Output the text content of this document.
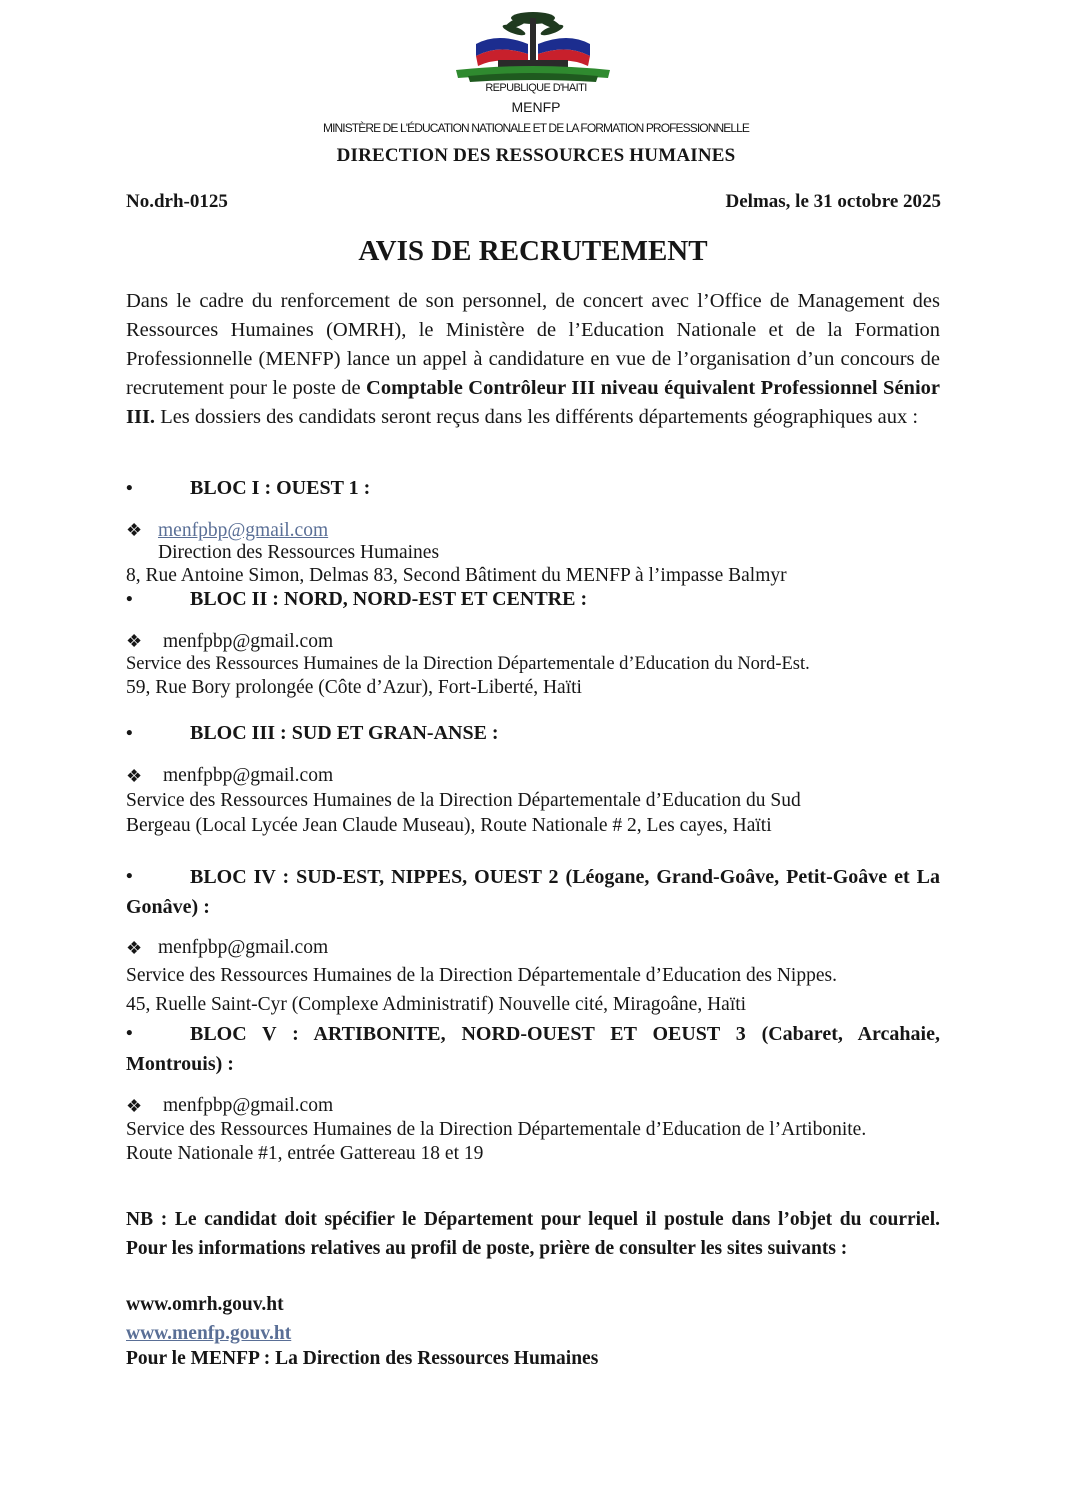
REPUBLIQUE D'HAITI
MENFP
MINISTÈRE DE L'ÉDUCATION NATIONALE ET DE LA FORMATION PROFESSIONNELLE
DIRECTION DES RESSOURCES HUMAINES
No.drh-0125	Delmas, le 31 octobre 2025
AVIS DE RECRUTEMENT

Dans le cadre du renforcement de son personnel, de concert avec l’Office de Management des Ressources Humaines (OMRH), le Ministère de l’Education Nationale et de la Formation Professionnelle (MENFP) lance un appel à candidature en vue de l’organisation d’un concours de recrutement pour le poste de Comptable Contrôleur III niveau équivalent Professionnel Sénior III. Les dossiers des candidats seront reçus dans les différents départements géographiques aux :

•	BLOC I : OUEST 1 :
❖ menfpbp@gmail.com
Direction des Ressources Humaines
8, Rue Antoine Simon, Delmas 83, Second Bâtiment du MENFP à l’impasse Balmyr
•	BLOC II : NORD, NORD-EST ET CENTRE :
❖ menfpbp@gmail.com
Service des Ressources Humaines de la Direction Départementale d’Education du Nord-Est.
59, Rue Bory prolongée (Côte d’Azur), Fort-Liberté, Haïti
•	BLOC III : SUD ET GRAN-ANSE :
❖ menfpbp@gmail.com
Service des Ressources Humaines de la Direction Départementale d’Education du Sud
Bergeau (Local Lycée Jean Claude Museau), Route Nationale # 2, Les cayes, Haïti
•	BLOC IV : SUD-EST, NIPPES, OUEST 2 (Léogane, Grand-Goâve, Petit-Goâve et La Gonâve) :

❖ menfpbp@gmail.com
Service des Ressources Humaines de la Direction Départementale d’Education des Nippes.
45, Ruelle Saint-Cyr (Complexe Administratif) Nouvelle cité, Miragoâne, Haïti
•	BLOC V : ARTIBONITE, NORD-OUEST ET OEUST 3 (Cabaret, Arcahaie, Montrouis) :

❖ menfpbp@gmail.com
Service des Ressources Humaines de la Direction Départementale d’Education de l’Artibonite.
Route Nationale #1, entrée Gattereau 18 et 19

NB : Le candidat doit spécifier le Département pour lequel il postule dans l’objet du courriel. Pour les informations relatives au profil de poste, prière de consulter les sites suivants :

www.omrh.gouv.ht
www.menfp.gouv.ht
Pour le MENFP : La Direction des Ressources Humaines
